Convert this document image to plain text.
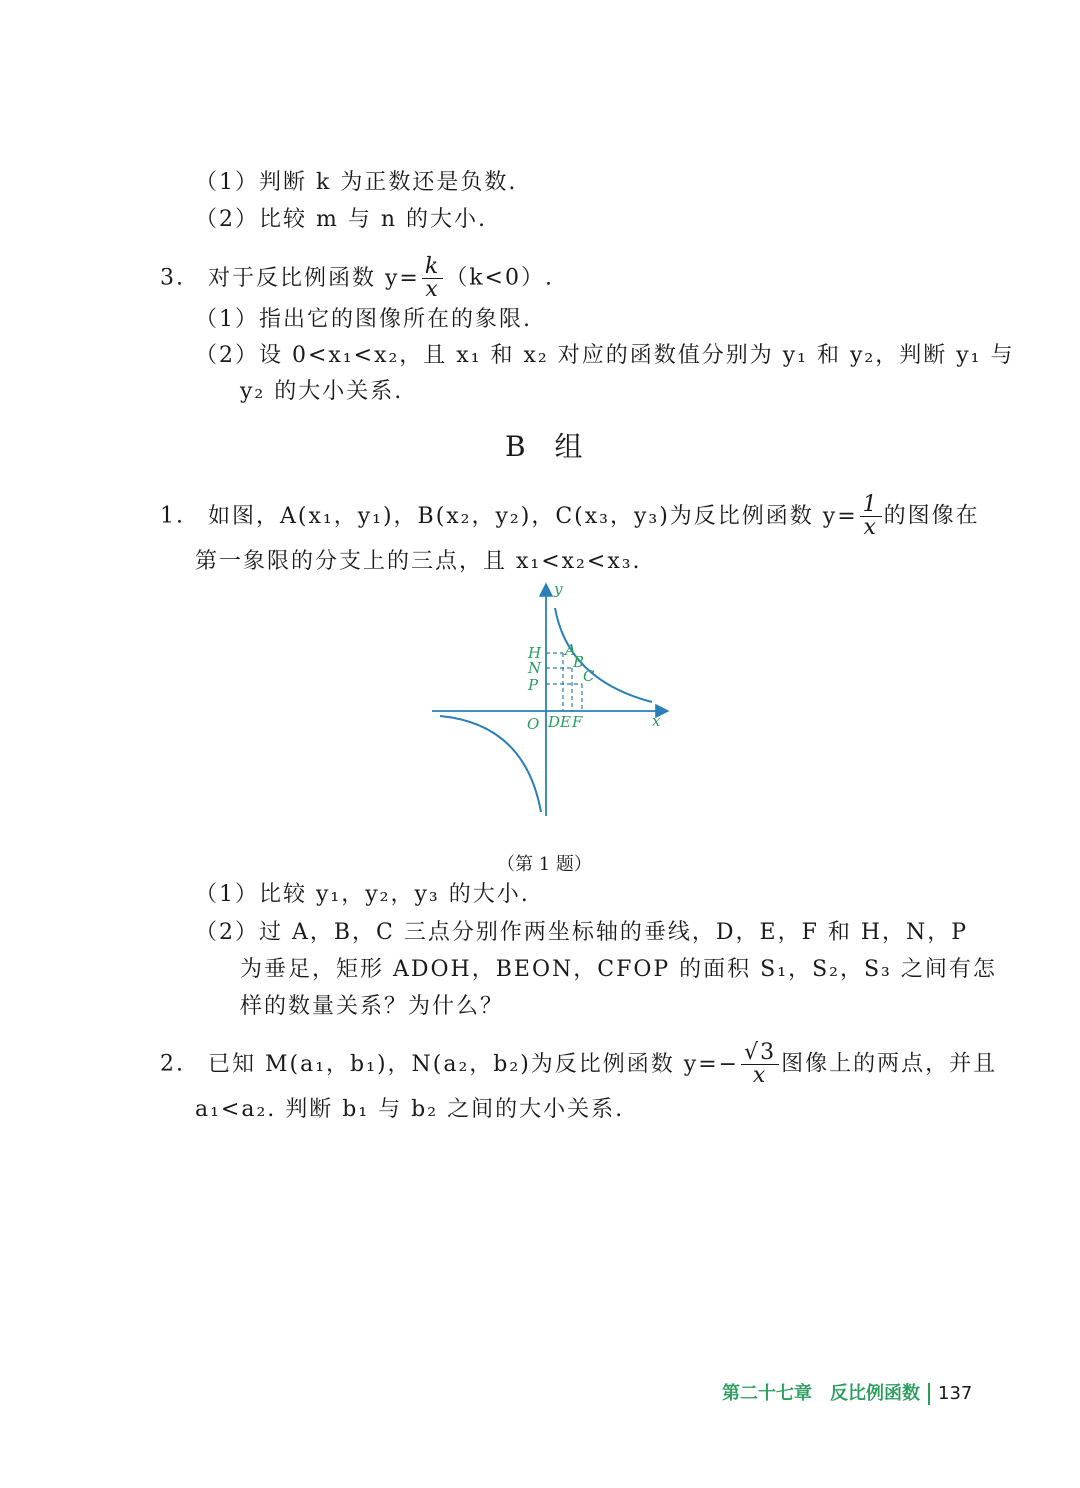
（1）判断 k 为正数还是负数.
（2）比较 m 与 n 的大小.
3. 对于反比例函数 $y= \frac{k}{x} (k<0)$.
（1）指出它的图像所在的象限.
（2）设 0<x₁<x₂，且 x₁ 和 x₂ 对应的函数值分别为 y₁ 和 y₂，判断 y₁ 与
y₂ 的大小关系.
B 组
1. 如图，A(x₁，y₁)，B(x₂，y₂)，C(x₃，y₃)为反比例函数 $y= \frac{1}{x}$ 的图像在
第一象限的分支上的三点，且 x₁<x₂<x₃.
y
x
O
H
N
P
A
B
C
D E F
（第 1 题）
（1）比较 y₁，y₂，y₃ 的大小.
（2）过 A，B，C 三点分别作两坐标轴的垂线，D，E，F 和 H，N，P
为垂足，矩形 ADOH，BEON，CFOP 的面积 S₁，S₂，S₃ 之间有怎
样的数量关系？为什么？
2. 已知 M(a₁，b₁)，N(a₂，b₂)为反比例函数 $y=- \frac{√3}{x}$ 图像上的两点，并且
a₁<a₂. 判断 b₁ 与 b₂ 之间的大小关系.
第二十七章　反比例函数 137
